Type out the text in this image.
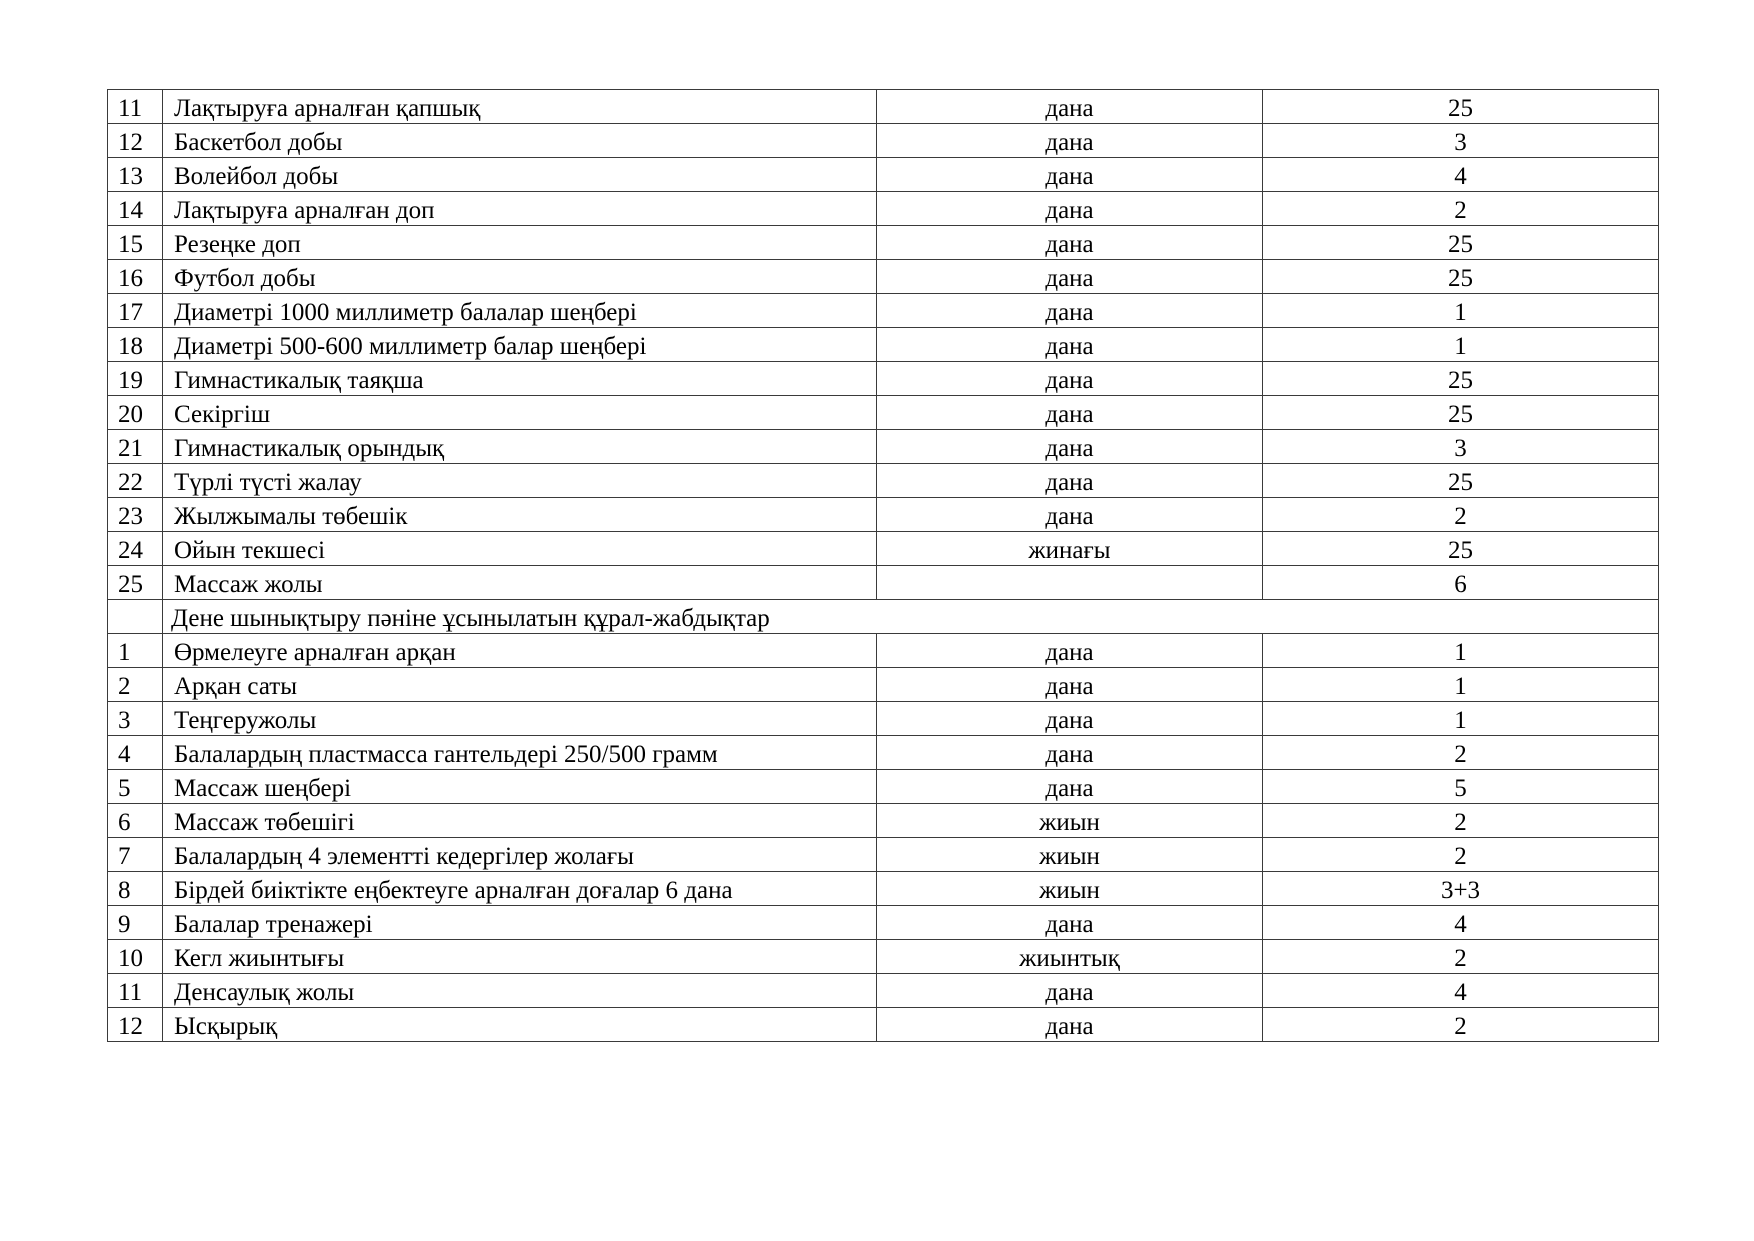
11	Лақтыруға арналған қапшық	дана	25
12	Баскетбол добы	дана	3
13	Волейбол добы	дана	4
14	Лақтыруға арналған доп	дана	2
15	Резеңке доп	дана	25
16	Футбол добы	дана	25
17	Диаметрі 1000 миллиметр балалар шеңбері	дана	1
18	Диаметрі 500-600 миллиметр балар шеңбері	дана	1
19	Гимнастикалық таяқша	дана	25
20	Секіргіш	дана	25
21	Гимнастикалық орындық	дана	3
22	Түрлі түсті жалау	дана	25
23	Жылжымалы төбешік	дана	2
24	Ойын текшесі	жинағы	25
25	Массаж жолы		6
	Дене шынықтыру пәніне ұсынылатын құрал-жабдықтар		
1	Өрмелеуге арналған арқан	дана	1
2	Арқан саты	дана	1
3	Теңгеружолы	дана	1
4	Балалардың пластмасса гантельдері 250/500 грамм	дана	2
5	Массаж шеңбері	дана	5
6	Массаж төбешігі	жиын	2
7	Балалардың 4 элементті кедергілер жолағы	жиын	2
8	Бірдей биіктікте еңбектеуге арналған доғалар 6 дана	жиын	3+3
9	Балалар тренажері	дана	4
10	Кегл жиынтығы	жиынтық	2
11	Денсаулық жолы	дана	4
12	Ысқырық	дана	2
